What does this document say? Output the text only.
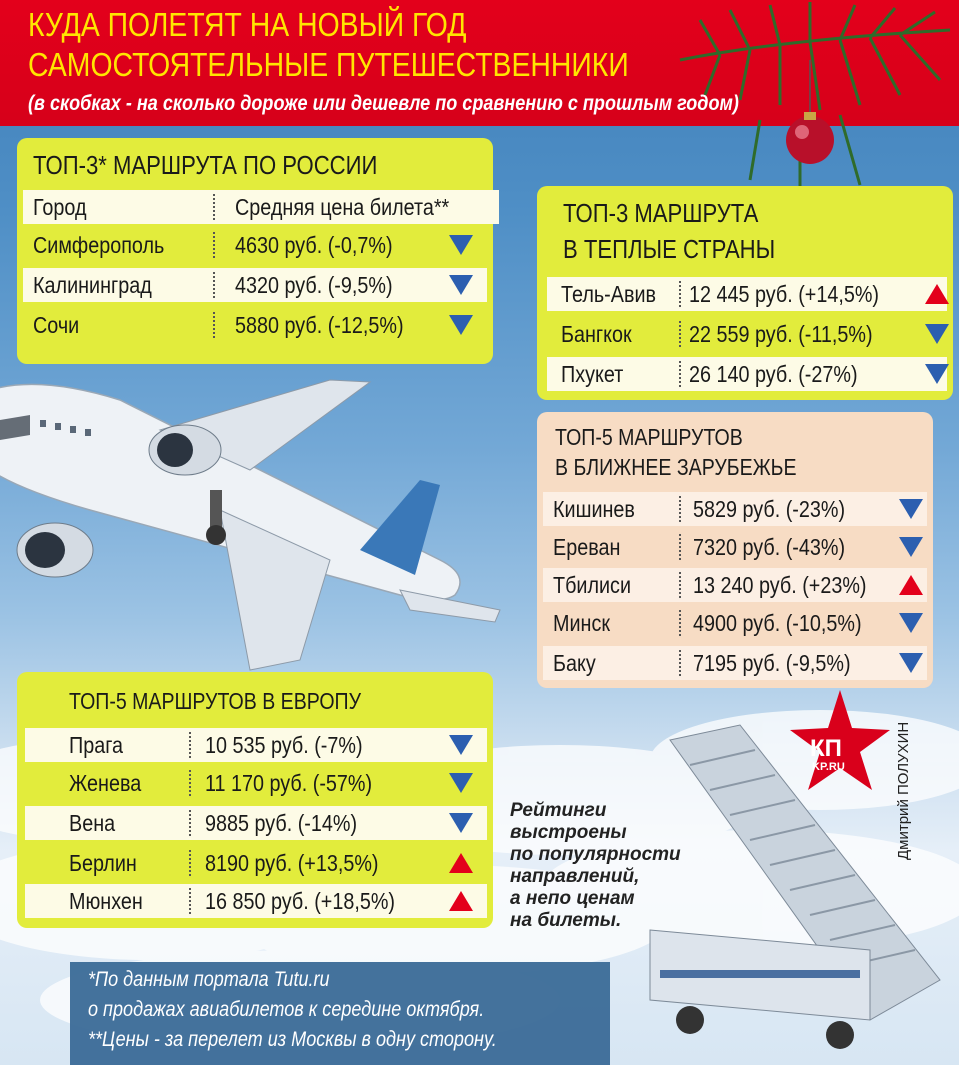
КУДА ПОЛЕТЯТ НА НОВЫЙ ГОД
САМОСТОЯТЕЛЬНЫЕ ПУТЕШЕСТВЕННИКИ
(в скобках - на сколько дороже или дешевле по сравнению с прошлым годом)
ТОП-3* МАРШРУТА ПО РОССИИ
Город	Средняя цена билета**
Симферополь	4630 руб. (-0,7%)
Калининград	4320 руб. (-9,5%)
Сочи	5880 руб. (-12,5%)
ТОП-3 МАРШРУТА
В ТЕПЛЫЕ СТРАНЫ
Тель-Авив 12 445 руб. (+14,5%)
Бангкок 22 559 руб. (-11,5%)
Пхукет	26 140 руб. (-27%)
ТОП-5 МАРШРУТОВ
В БЛИЖНЕЕ ЗАРУБЕЖЬЕ
Кишинев	5829 руб. (-23%)
Ереван	7320 руб. (-43%)
Тбилиси	13 240 руб. (+23%)
Минск	4900 руб. (-10,5%)
Баку	7195 руб. (-9,5%)
ТОП-5 МАРШРУТОВ В ЕВРОПУ
Прага	10 535 руб. (-7%)
Женева	11 170 руб. (-57%)
Вена	9885 руб. (-14%)
Берлин	8190 руб. (+13,5%)
Мюнхен	16 850 руб. (+18,5%)
КП
KP.RU	Дмитрий ПОЛУХИН
Рейтинги
выстроены
по популярности
направлений,
а непо ценам
на билеты.
*По данным портала Tutu.ru
о продажах авиабилетов к середине октября.
**Цены - за перелет из Москвы в одну сторону.
